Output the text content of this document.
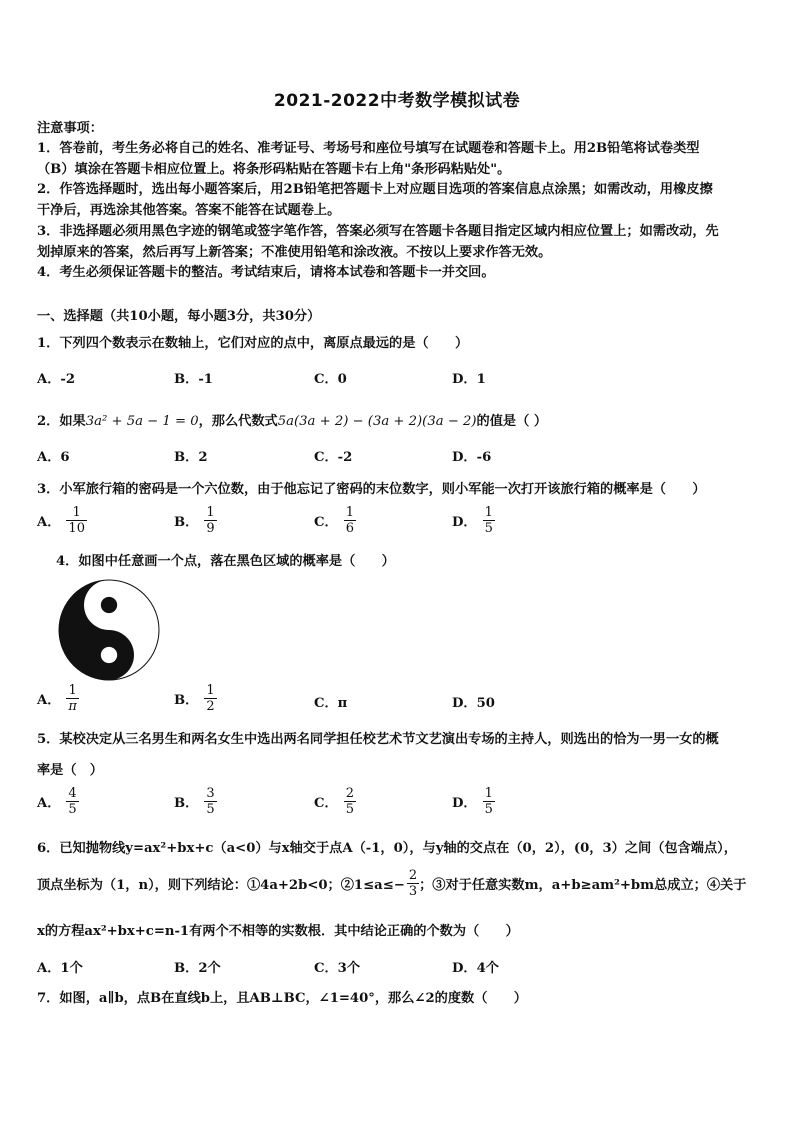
2021-2022中考数学模拟试卷
注意事项：
1．答卷前，考生务必将自己的姓名、准考证号、考场号和座位号填写在试题卷和答题卡上。用2B铅笔将试卷类型
（B）填涂在答题卡相应位置上。将条形码粘贴在答题卡右上角"条形码粘贴处"。
2．作答选择题时，选出每小题答案后，用2B铅笔把答题卡上对应题目选项的答案信息点涂黑；如需改动，用橡皮擦
干净后，再选涂其他答案。答案不能答在试题卷上。
3．非选择题必须用黑色字迹的钢笔或签字笔作答，答案必须写在答题卡各题目指定区域内相应位置上；如需改动，先
划掉原来的答案，然后再写上新答案；不准使用铅笔和涂改液。不按以上要求作答无效。
4．考生必须保证答题卡的整洁。考试结束后，请将本试卷和答题卡一并交回。
一、选择题（共10小题，每小题3分，共30分）
1．下列四个数表示在数轴上，它们对应的点中，离原点最远的是（　　）
A．-2	B．-1	C．0	D．1
2．如果3a² + 5a − 1 = 0，那么代数式5a(3a + 2) − (3a + 2)(3a − 2)的值是（ ）
A．6	B．2	C．-2	D．-6
3．小军旅行箱的密码是一个六位数，由于他忘记了密码的末位数字，则小军能一次打开该旅行箱的概率是（　　）
A． $\frac{1}{10}$	B． $\frac{1}{9}$	C． $\frac{1}{6}$	D． $\frac{1}{5}$
4．如图中任意画一个点，落在黑色区域的概率是（　　）
A． $\frac{1}{\pi}$	B． $\frac{1}{2}$	C．π	D．50
5．某校决定从三名男生和两名女生中选出两名同学担任校艺术节文艺演出专场的主持人，则选出的恰为一男一女的概
率是（　）
A． $\frac{4}{5}$	B． $\frac{3}{5}$	C． $\frac{2}{5}$	D． $\frac{1}{5}$
6．已知抛物线y=ax²+bx+c（a<0）与x轴交于点A（-1，0），与y轴的交点在（0，2），(0，3）之间（包含端点），
顶点坐标为（1，n），则下列结论：①4a+2b<0；②1≤a≤− $\frac{2}{3}$ ；③对于任意实数m，a+b≥am²+bm总成立；④关于
x的方程ax²+bx+c=n-1有两个不相等的实数根．其中结论正确的个数为（　　）
A．1个	B．2个	C．3个	D．4个
7．如图，a∥b，点B在直线b上，且AB⊥BC，∠1=40°，那么∠2的度数（　　）
